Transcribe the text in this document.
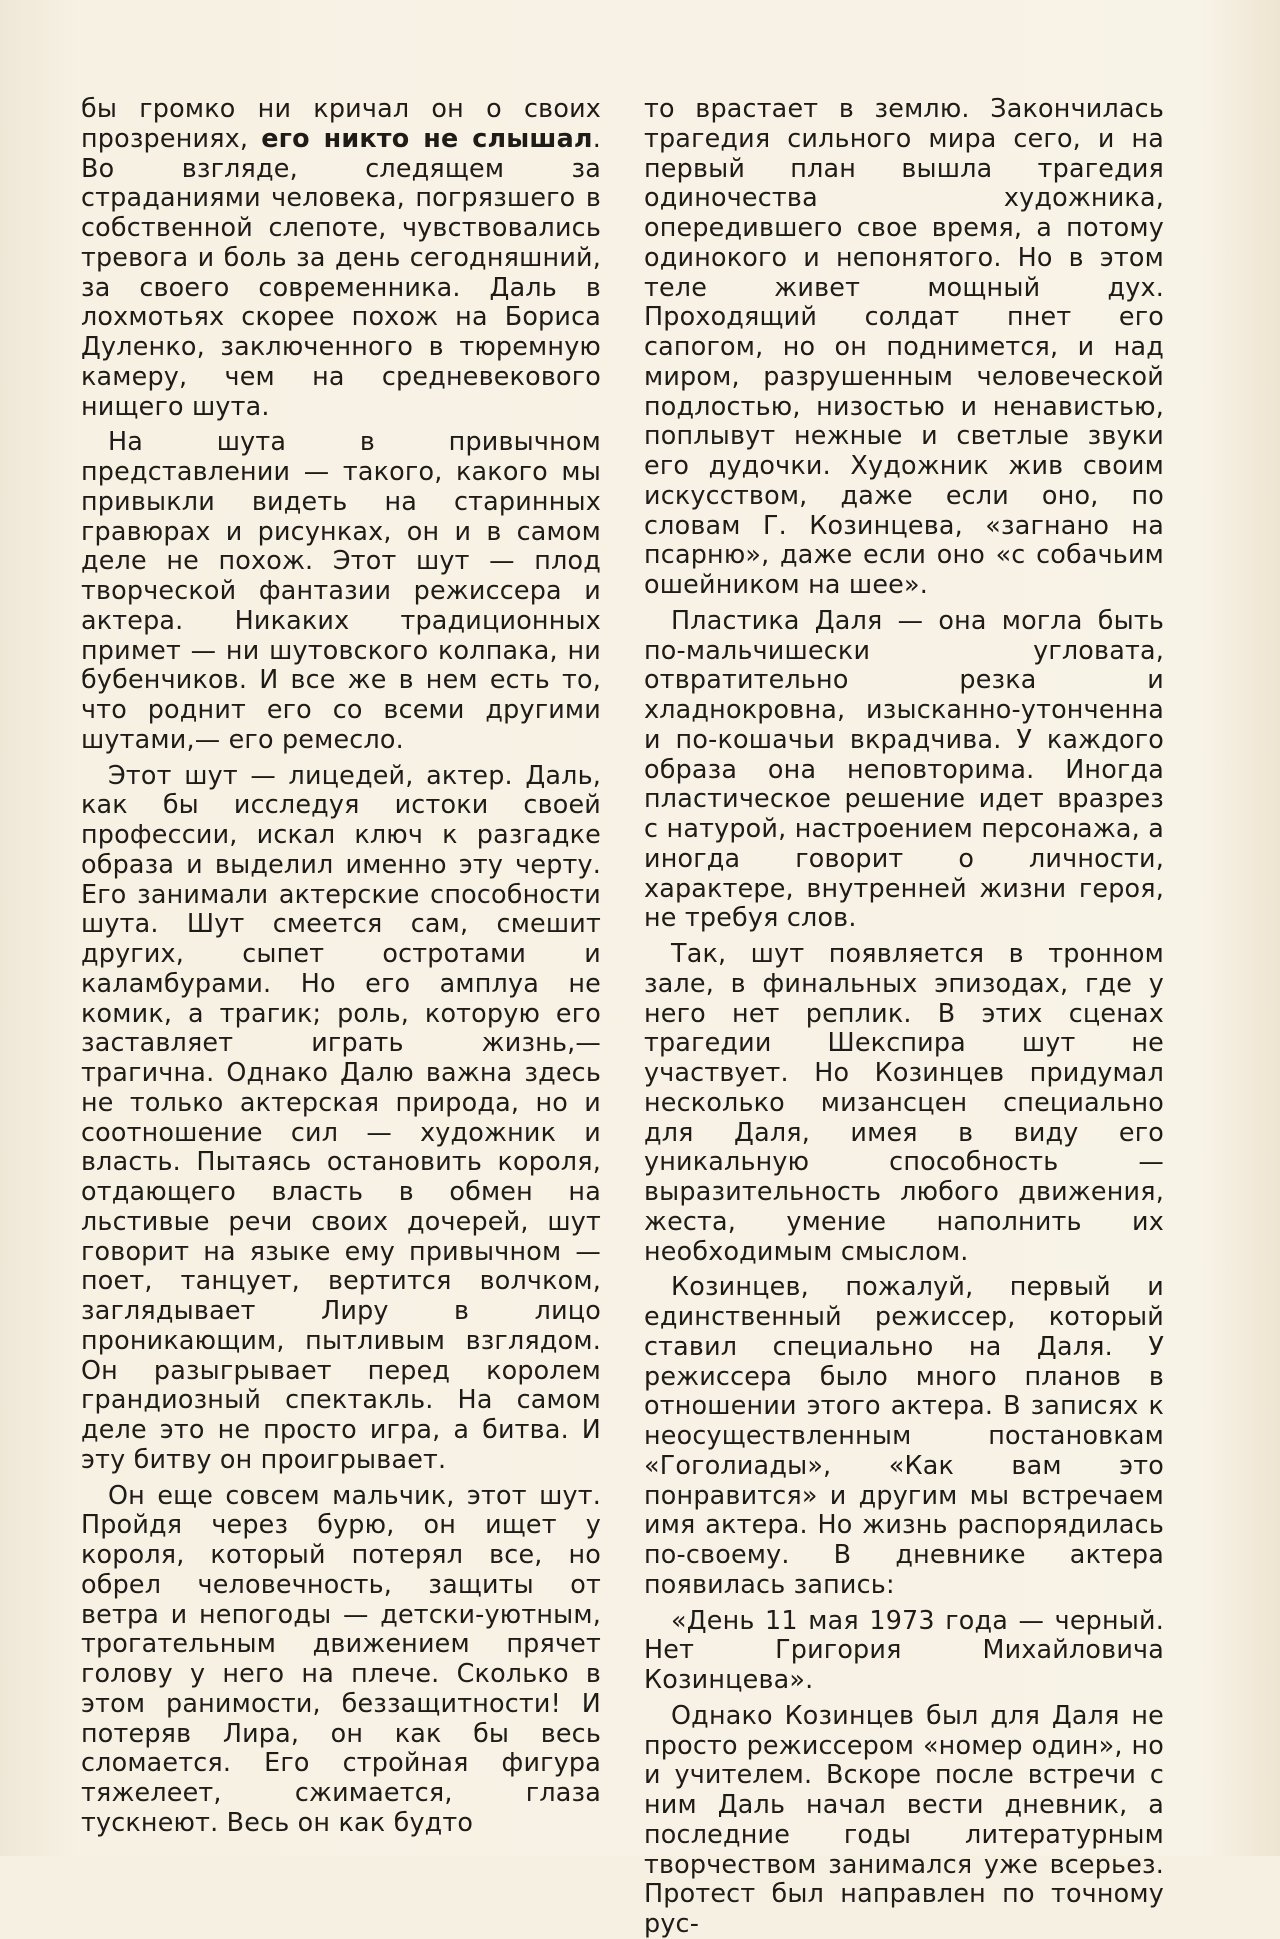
бы громко ни кричал он о своих прозрениях, его никто не слышал. Во взгляде, следящем за страданиями человека, погрязшего в собственной слепоте, чувствовались тревога и боль за день сегодняшний, за своего современника. Даль в лохмотьях скорее похож на Бориса Дуленко, заключенного в тюремную камеру, чем на средневекового нищего шута.

На шута в привычном представлении — такого, какого мы привыкли видеть на старинных гравюрах и рисунках, он и в самом деле не похож. Этот шут — плод творческой фантазии режиссера и актера. Никаких традиционных примет — ни шутовского колпака, ни бубенчиков. И все же в нем есть то, что роднит его со всеми другими шутами,— его ремесло.

Этот шут — лицедей, актер. Даль, как бы исследуя истоки своей профессии, искал ключ к разгадке образа и выделил именно эту черту. Его занимали актерские способности шута. Шут смеется сам, смешит других, сыпет остротами и каламбурами. Но его амплуа не комик, а трагик; роль, которую его заставляет играть жизнь,— трагична. Однако Далю важна здесь не только актерская природа, но и соотношение сил — художник и власть. Пытаясь остановить короля, отдающего власть в обмен на льстивые речи своих дочерей, шут говорит на языке ему привычном — поет, танцует, вертится волчком, заглядывает Лиру в лицо проникающим, пытливым взглядом. Он разыгрывает перед королем грандиозный спектакль. На самом деле это не просто игра, а битва. И эту битву он проигрывает.

Он еще совсем мальчик, этот шут. Пройдя через бурю, он ищет у короля, который потерял все, но обрел человечность, защиты от ветра и непогоды — детски-уютным, трогательным движением прячет голову у него на плече. Сколько в этом ранимости, беззащитности! И потеряв Лира, он как бы весь сломается. Его стройная фигура тяжелеет, сжимается, глаза тускнеют. Весь он как будто

то врастает в землю. Закончилась трагедия сильного мира сего, и на первый план вышла трагедия одиночества художника, опередившего свое время, а потому одинокого и непонятого. Но в этом теле живет мощный дух. Проходящий солдат пнет его сапогом, но он поднимется, и над миром, разрушенным человеческой подлостью, низостью и ненавистью, поплывут нежные и светлые звуки его дудочки. Художник жив своим искусством, даже если оно, по словам Г. Козинцева, «загнано на псарню», даже если оно «с собачьим ошейником на шее».

Пластика Даля — она могла быть по-мальчишески угловата, отвратительно резка и хладнокровна, изысканно-утонченна и по-кошачьи вкрадчива. У каждого образа она неповторима. Иногда пластическое решение идет вразрез с натурой, настроением персонажа, а иногда говорит о личности, характере, внутренней жизни героя, не требуя слов.

Так, шут появляется в тронном зале, в финальных эпизодах, где у него нет реплик. В этих сценах трагедии Шекспира шут не участвует. Но Козинцев придумал несколько мизансцен специально для Даля, имея в виду его уникальную способность — выразительность любого движения, жеста, умение наполнить их необходимым смыслом.

Козинцев, пожалуй, первый и единственный режиссер, который ставил специально на Даля. У режиссера было много планов в отношении этого актера. В записях к неосуществленным постановкам «Гоголиады», «Как вам это понравится» и другим мы встречаем имя актера. Но жизнь распорядилась по-своему. В дневнике актера появилась запись:

«День 11 мая 1973 года — черный. Нет Григория Михайловича Козинцева».

Однако Козинцев был для Даля не просто режиссером «номер один», но и учителем. Вскоре после встречи с ним Даль начал вести дневник, а последние годы литературным творчеством занимался уже всерьез. Протест был направлен по точному рус-
